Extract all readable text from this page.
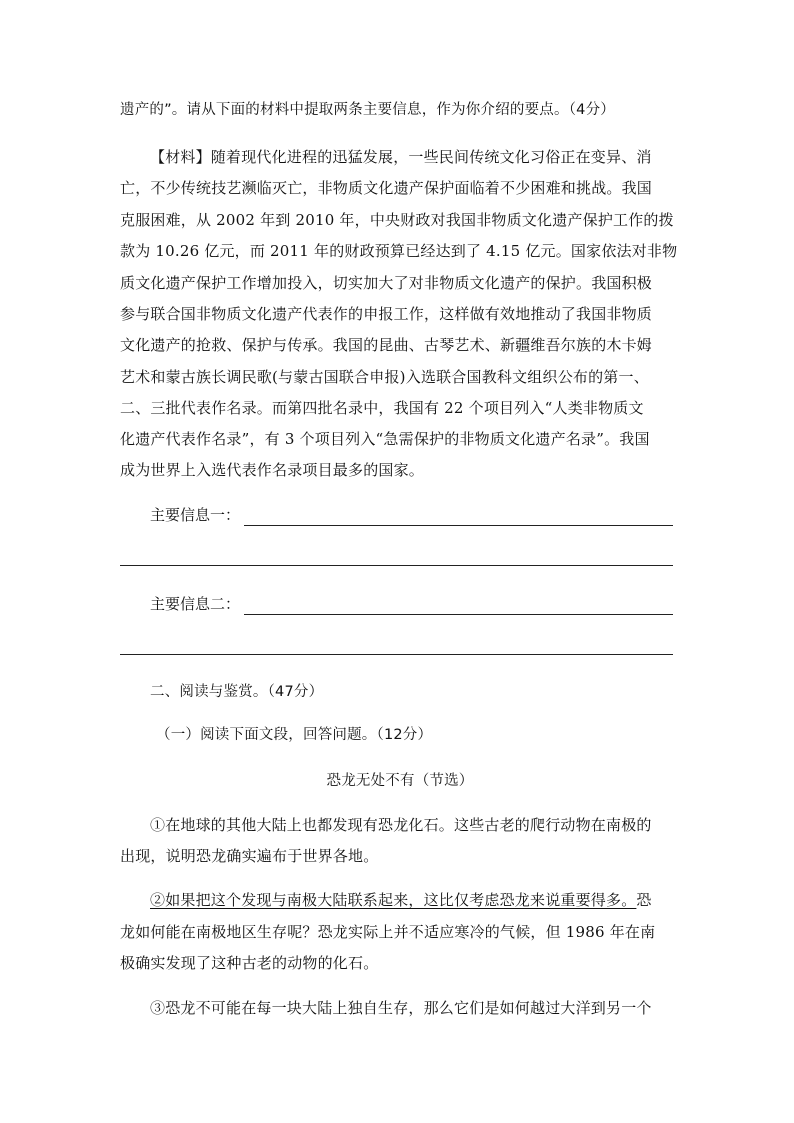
遗产的”。请从下面的材料中提取两条主要信息，作为你介绍的要点。（4分）
【材料】随着现代化进程的迅猛发展，一些民间传统文化习俗正在变异、消
亡，不少传统技艺濒临灭亡，非物质文化遗产保护面临着不少困难和挑战。我国
克服困难，从 2002 年到 2010 年，中央财政对我国非物质文化遗产保护工作的拨
款为 10.26 亿元，而 2011 年的财政预算已经达到了 4.15 亿元。国家依法对非物
质文化遗产保护工作增加投入，切实加大了对非物质文化遗产的保护。我国积极
参与联合国非物质文化遗产代表作的申报工作，这样做有效地推动了我国非物质
文化遗产的抢救、保护与传承。我国的昆曲、古琴艺术、新疆维吾尔族的木卡姆
艺术和蒙古族长调民歌(与蒙古国联合申报)入选联合国教科文组织公布的第一、
二、三批代表作名录。而第四批名录中，我国有 22 个项目列入“人类非物质文
化遗产代表作名录”，有 3 个项目列入“急需保护的非物质文化遗产名录”。我国
成为世界上入选代表作名录项目最多的国家。
主要信息一：
主要信息二：
二、阅读与鉴赏。（47分）
（一）阅读下面文段，回答问题。（12分）
恐龙无处不有（节选）
①在地球的其他大陆上也都发现有恐龙化石。这些古老的爬行动物在南极的
出现，说明恐龙确实遍布于世界各地。
②如果把这个发现与南极大陆联系起来，这比仅考虑恐龙来说重要得多。恐
龙如何能在南极地区生存呢？恐龙实际上并不适应寒冷的气候，但 1986 年在南
极确实发现了这种古老的动物的化石。
③恐龙不可能在每一块大陆上独自生存，那么它们是如何越过大洋到另一个
